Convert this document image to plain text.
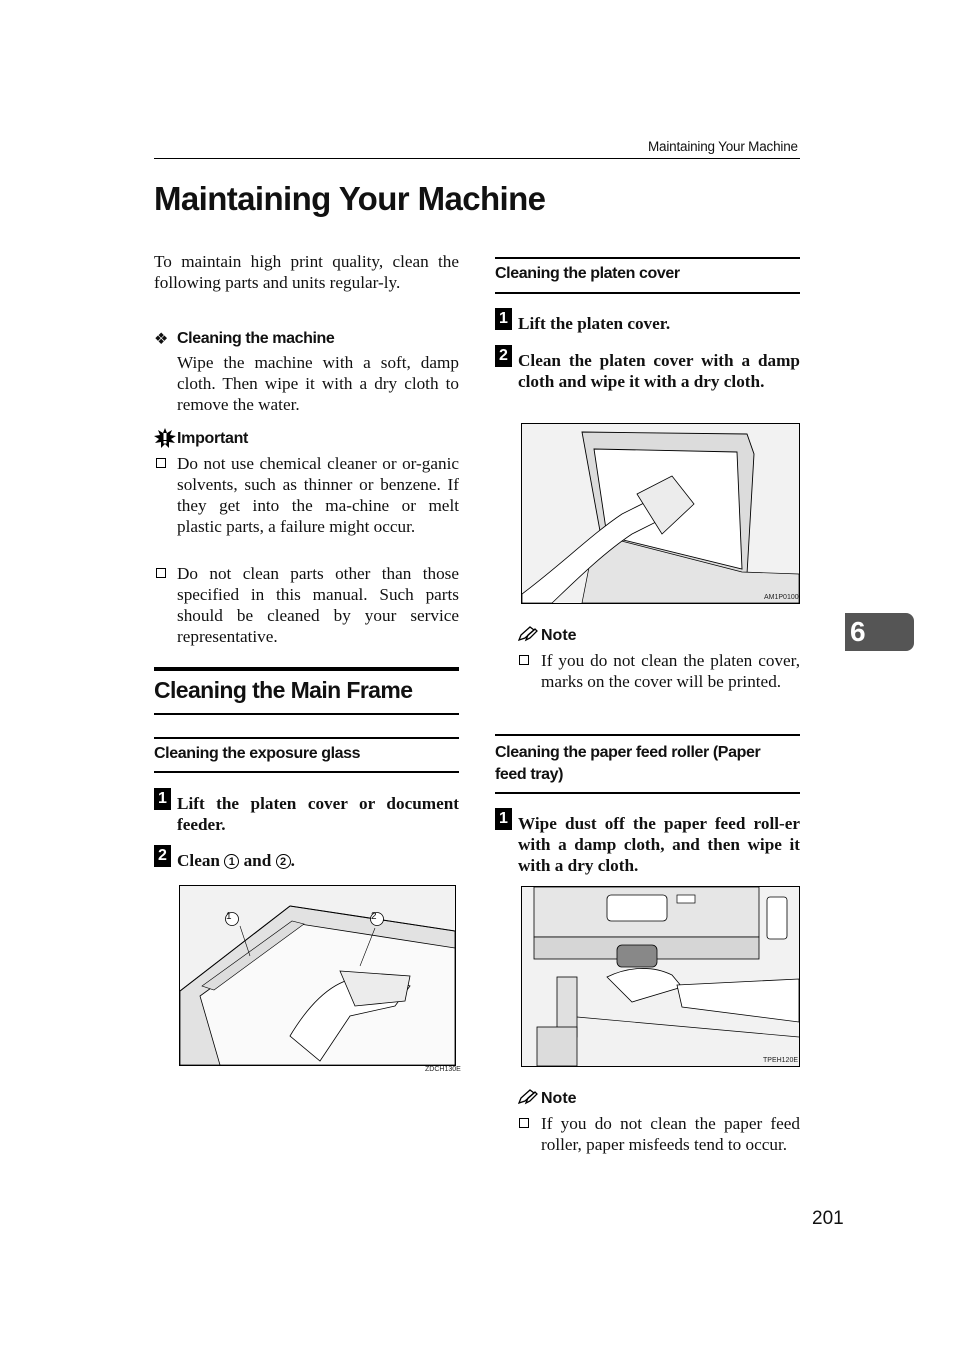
Maintaining Your Machine
Maintaining Your Machine
To maintain high print quality, clean the following parts and units regular-ly.
❖ Cleaning the machine
Wipe the machine with a soft, damp cloth. Then wipe it with a dry cloth to remove the water.
Important
Do not use chemical cleaner or or-ganic solvents, such as thinner or benzene. If they get into the ma-chine or melt plastic parts, a failure might occur.
Do not clean parts other than those specified in this manual. Such parts should be cleaned by your service representative.
Cleaning the Main Frame
Cleaning the exposure glass
1 Lift the platen cover or document feeder.
2 Clean 1 and 2 .
1	2
ZDCH130E
Cleaning the platen cover
1 Lift the platen cover.
2 Clean the platen cover with a damp cloth and wipe it with a dry cloth.
AM1P0100
Note
If you do not clean the platen cover, marks on the cover will be printed.
Cleaning the paper feed roller (Paper feed tray)
1 Wipe dust off the paper feed roll-er with a damp cloth, and then wipe it with a dry cloth.
TPEH120E
Note
If you do not clean the paper feed roller, paper misfeeds tend to occur.
6
201
